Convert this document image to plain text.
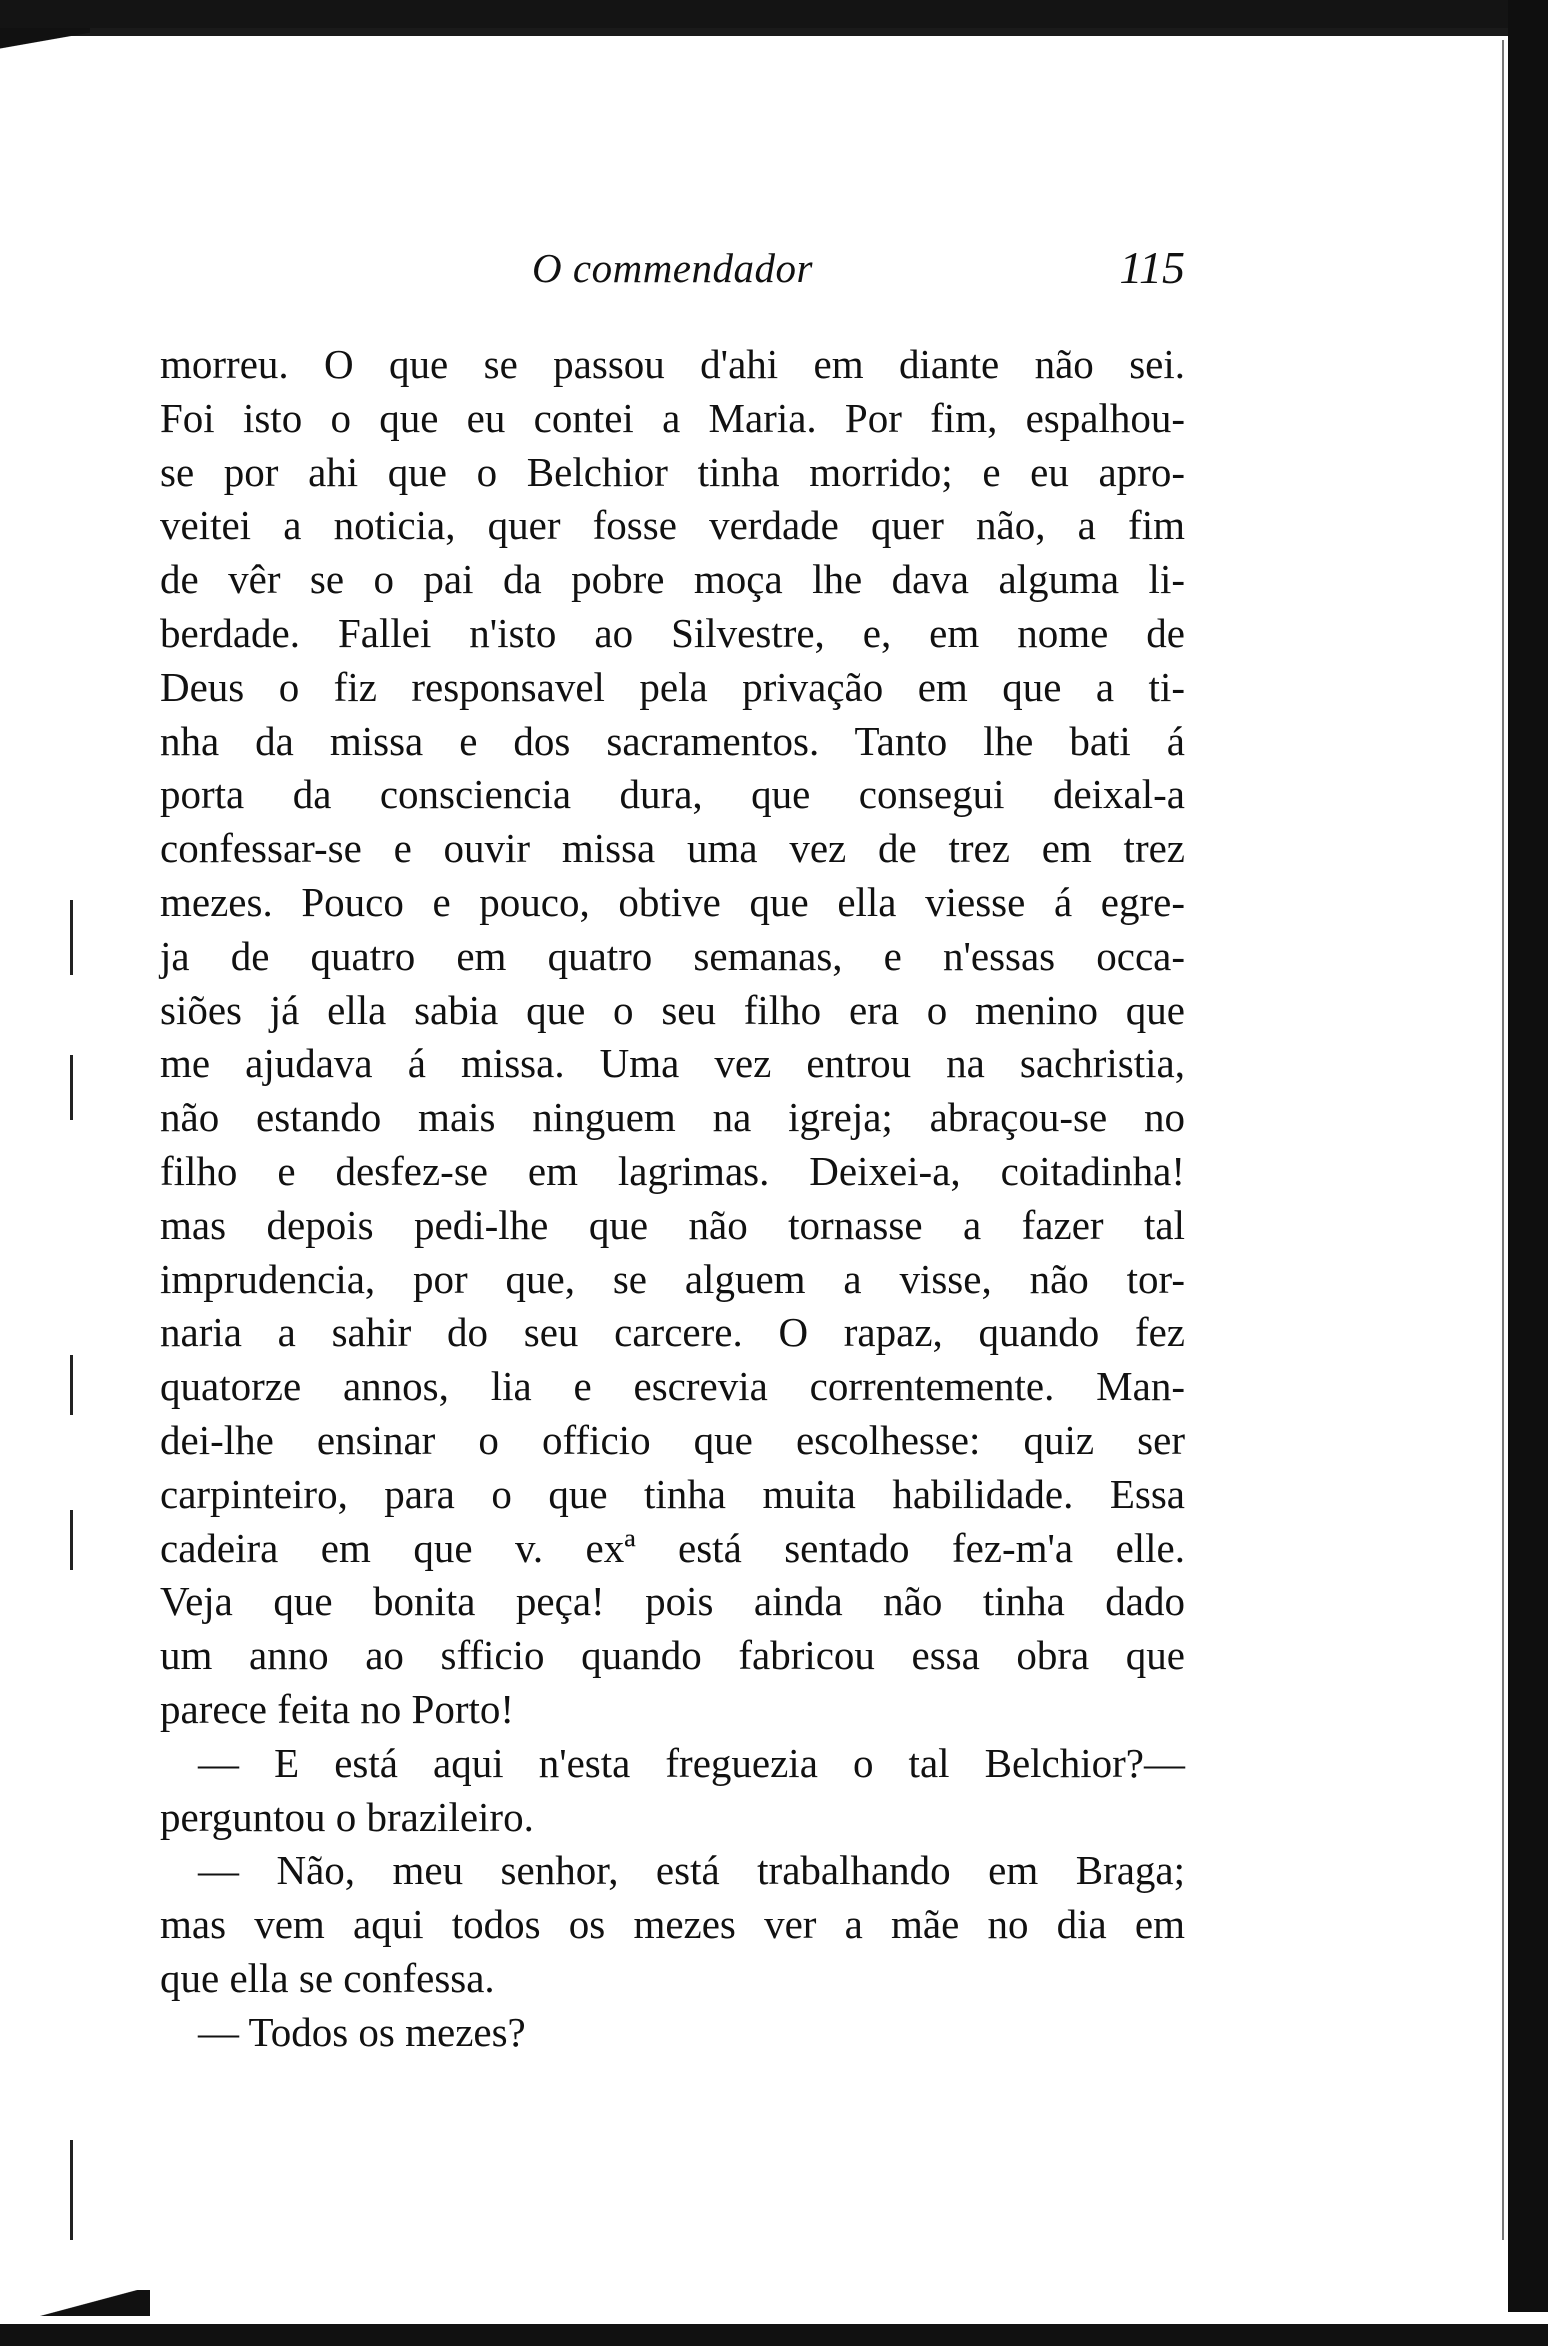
O commendador	115
morreu. O que se passou d'ahi em diante não sei.
Foi isto o que eu contei a Maria. Por fim, espalhou-
se por ahi que o Belchior tinha morrido; e eu apro-
veitei a noticia, quer fosse verdade quer não, a fim
de vêr se o pai da pobre moça lhe dava alguma li-
berdade. Fallei n'isto ao Silvestre, e, em nome de
Deus o fiz responsavel pela privação em que a ti-
nha da missa e dos sacramentos. Tanto lhe bati á
porta da consciencia dura, que consegui deixal-a
confessar-se e ouvir missa uma vez de trez em trez
mezes. Pouco e pouco, obtive que ella viesse á egre-
ja de quatro em quatro semanas, e n'essas occa-
siões já ella sabia que o seu filho era o menino que
me ajudava á missa. Uma vez entrou na sachristia,
não estando mais ninguem na igreja; abraçou-se no
filho e desfez-se em lagrimas. Deixei-a, coitadinha!
mas depois pedi-lhe que não tornasse a fazer tal
imprudencia, por que, se alguem a visse, não tor-
naria a sahir do seu carcere. O rapaz, quando fez
quatorze annos, lia e escrevia correntemente. Man-
dei-lhe ensinar o officio que escolhesse: quiz ser
carpinteiro, para o que tinha muita habilidade. Essa
cadeira em que v. exª está sentado fez-m'a elle.
Veja que bonita peça! pois ainda não tinha dado
um anno ao sfficio quando fabricou essa obra que
parece feita no Porto!
— E está aqui n'esta freguezia o tal Belchior?—
perguntou o brazileiro.
— Não, meu senhor, está trabalhando em Braga;
mas vem aqui todos os mezes ver a mãe no dia em
que ella se confessa.
— Todos os mezes?
